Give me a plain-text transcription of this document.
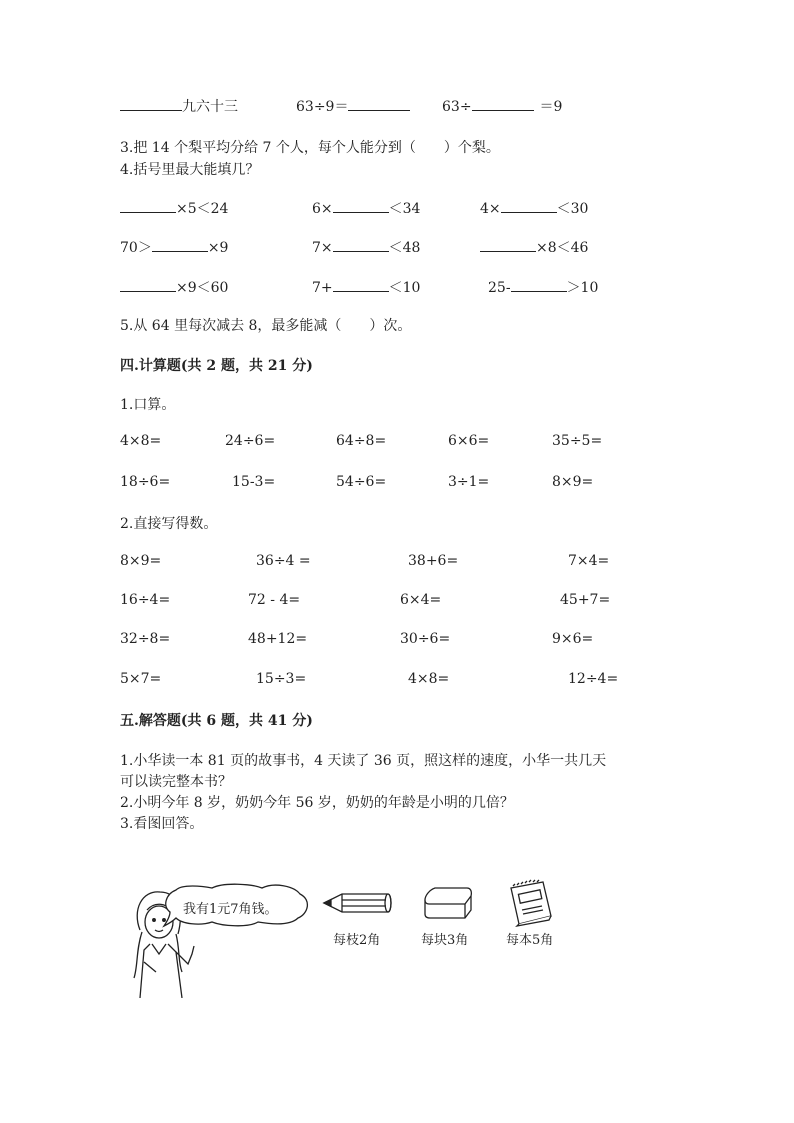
九六十三	63÷9＝	63÷	＝9
3.把 14 个梨平均分给 7 个人，每个人能分到（　　）个梨。
4.括号里最大能填几？
×5＜24	6×	＜34	4×	＜30
70＞	×9	7×	＜48	×8＜46
×9＜60	7+	＜10	25-	＞10
5.从 64 里每次减去 8，最多能减（　　）次。
四.计算题(共 2 题，共 21 分)
1.口算。
4×8=	24÷6=	64÷8=	6×6=	35÷5=
18÷6=	15-3=	54÷6=	3÷1=	8×9=
2.直接写得数。
8×9=	36÷4 =	38+6=	7×4=
16÷4=	72 - 4=	6×4=	45+7=
32÷8=	48+12=	30÷6=	9×6=
5×7=	15÷3=	4×8=	12÷4=
五.解答题(共 6 题，共 41 分)
1.小华读一本 81 页的故事书，4 天读了 36 页，照这样的速度，小华一共几天
可以读完整本书？
2.小明今年 8 岁，奶奶今年 56 岁，奶奶的年龄是小明的几倍？
3.看图回答。
我有1元7角钱。
每枝2角	每块3角	每本5角
